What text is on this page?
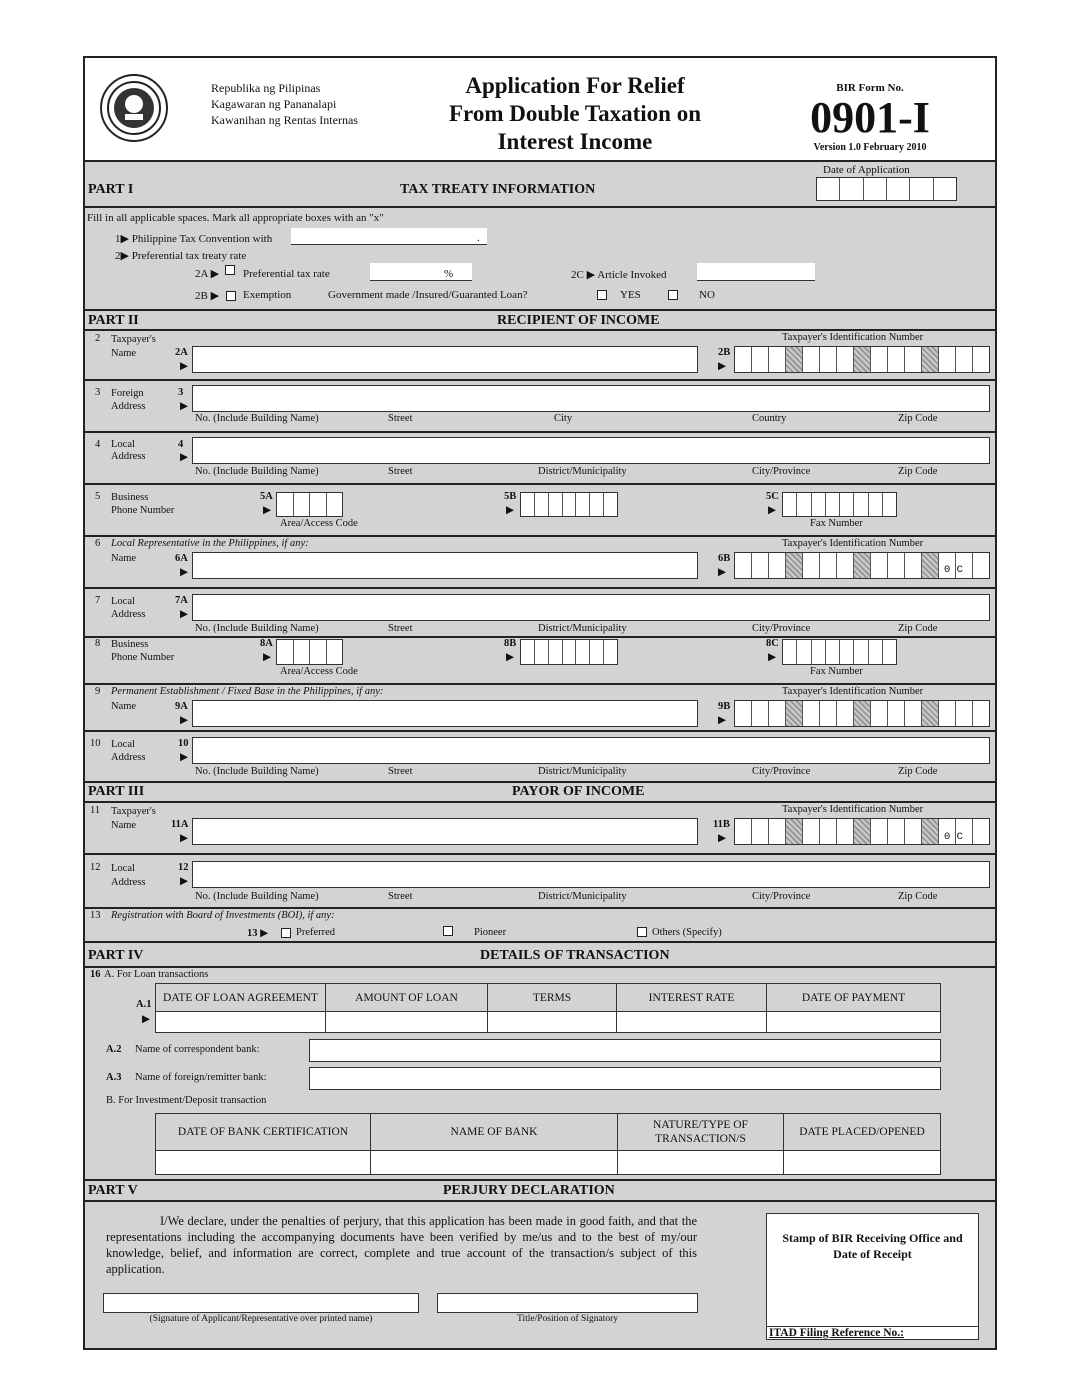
Republika ng Pilipinas
Kagawaran ng Pananalapi
Kawanihan ng Rentas Internas
Application For Relief
From Double Taxation on
Interest Income
BIR Form No.
0901-I
Version 1.0 February 2010
Date of Application
PART I	TAX TREATY INFORMATION
Fill in all applicable spaces. Mark all appropriate boxes with an "x"
1▶ Philippine Tax Convention with	.
2▶ Preferential tax treaty rate
2A ▶ Preferential tax rate	%	2C ▶ Article Invoked
2B ▶ Exemption	Government made /Insured/Guaranted Loan?	YES	NO
PART II	RECIPIENT OF INCOME
2 Taxpayer's
Name	2A
▶
Taxpayer's Identification Number
2B
▶
3 Foreign
Address
3
▶
No. (Include Building Name)	Street	City	Country	Zip Code
4 Local
Address
4
▶
No. (Include Building Name)	Street	District/Municipality	City/Province	Zip Code
5 Business
Phone Number
5A
▶
5B
▶
5C
▶
Area/Access Code	Fax Number
6 Local Representative in the Philippines, if any:
Name	6A
▶
Taxpayer's Identification Number
6B
▶	0 C
7 Local
Address
7A
▶
No. (Include Building Name)	Street	District/Municipality	City/Province	Zip Code
8 Business
Phone Number
8A
▶
8B
▶
8C
▶
Area/Access Code	Fax Number
9 Permanent Establishment / Fixed Base in the Philippines, if any:
Name	9A
▶
Taxpayer's Identification Number
9B
▶
10 Local
Address
10
▶
No. (Include Building Name)	Street	District/Municipality	City/Province	Zip Code
PART III	PAYOR OF INCOME
11 Taxpayer's
Name	11A
▶
Taxpayer's Identification Number
11B
▶	0 C
12 Local
Address
12
▶
No. (Include Building Name)	Street	District/Municipality	City/Province	Zip Code
13 Registration with Board of Investments (BOI), if any:
13 ▶	Preferred	Pioneer	Others (Specify)
PART IV	DETAILS OF TRANSACTION
16 A. For Loan transactions
A.1
▶
DATE OF LOAN AGREEMENT	AMOUNT OF LOAN	TERMS	INTEREST RATE	DATE OF PAYMENT

A.2 Name of correspondent bank:
A.3 Name of foreign/remitter bank:
B. For Investment/Deposit transaction
DATE OF BANK CERTIFICATION	NAME OF BANK	NATURE/TYPE OF TRANSACTION/S	DATE PLACED/OPENED

PART V	PERJURY DECLARATION
I/We declare, under the penalties of perjury, that this application has been made in good faith, and that the representations including the accompanying documents have been verified by me/us and to the best of my/our knowledge, belief, and information are correct, complete and true account of the transaction/s subject of this application.
(Signature of Applicant/Representative over printed name)	Title/Position of Signatory
Stamp of BIR Receiving Office and Date of Receipt
ITAD Filing Reference No.:
